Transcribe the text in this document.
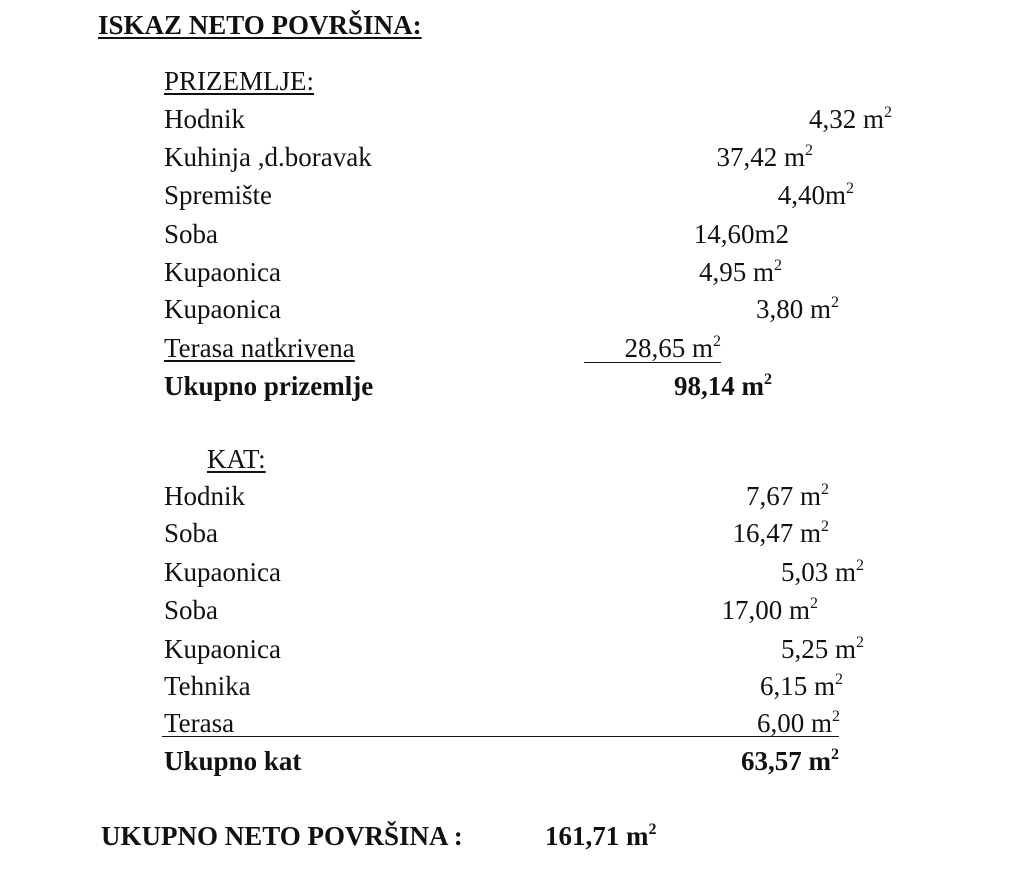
ISKAZ NETO POVRŠINA:
PRIZEMLJE:
Hodnik	4,32 $m^2$
Kuhinja ,d.boravak	37,42 $m^2$
Spremište	$4,40m^2$
Soba	14,60m2
Kupaonica	4,95 $m^2$
Kupaonica	3,80 $m^2$
Terasa natkrivena	28,65 $m^2$
Ukupno prizemlje	98,14 $m^2$
KAT:
Hodnik	7,67 $m^2$
Soba	16,47 $m^2$
Kupaonica	5,03 $m^2$
Soba	17,00 $m^2$
Kupaonica	5,25 $m^2$
Tehnika	6,15 $m^2$
Terasa	6,00 $m^2$
Ukupno kat	63,57 $m^2$
UKUPNO NETO POVRŠINA :	161,71 $m^2$
